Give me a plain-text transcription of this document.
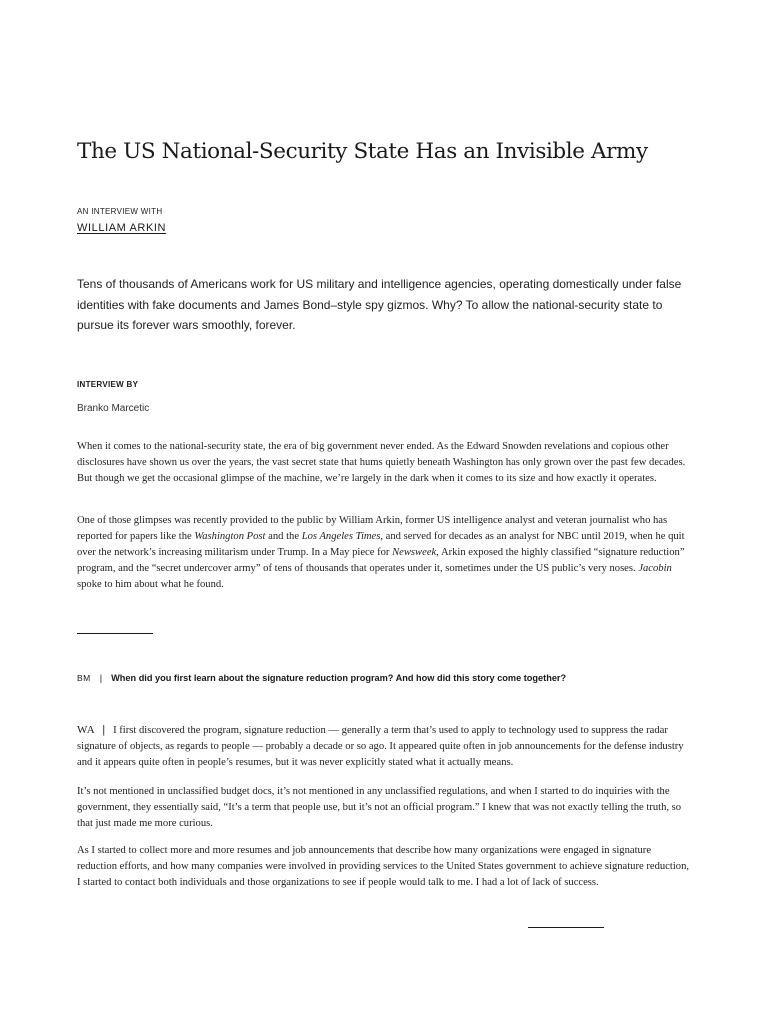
The US National-Security State Has an Invisible Army
AN INTERVIEW WITH
WILLIAM ARKIN

Tens of thousands of Americans work for US military and intelligence agencies, operating domestically under false identities with fake documents and James Bond–style spy gizmos. Why? To allow the national-security state to pursue its forever wars smoothly, forever.

INTERVIEW BY
Branko Marcetic

When it comes to the national-security state, the era of big government never ended. As the Edward Snowden revelations and copious other disclosures have shown us over the years, the vast secret state that hums quietly beneath Washington has only grown over the past few decades. But though we get the occasional glimpse of the machine, we’re largely in the dark when it comes to its size and how exactly it operates.

One of those glimpses was recently provided to the public by William Arkin, former US intelligence analyst and veteran journalist who has reported for papers like the Washington Post and the Los Angeles Times, and served for decades as an analyst for NBC until 2019, when he quit over the network’s increasing militarism under Trump. In a May piece for Newsweek, Arkin exposed the highly classified “signature reduction” program, and the “secret undercover army” of tens of thousands that operates under it, sometimes under the US public’s very noses. Jacobin spoke to him about what he found.

BM | When did you first learn about the signature reduction program? And how did this story come together?

WA | I first discovered the program, signature reduction — generally a term that’s used to apply to technology used to suppress the radar signature of objects, as regards to people — probably a decade or so ago. It appeared quite often in job announcements for the defense industry and it appears quite often in people’s resumes, but it was never explicitly stated what it actually means.

It’s not mentioned in unclassified budget docs, it’s not mentioned in any unclassified regulations, and when I started to do inquiries with the government, they essentially said, “It’s a term that people use, but it’s not an official program.” I knew that was not exactly telling the truth, so that just made me more curious.

As I started to collect more and more resumes and job announcements that describe how many organizations were engaged in signature reduction efforts, and how many companies were involved in providing services to the United States government to achieve signature reduction, I started to contact both individuals and those organizations to see if people would talk to me. I had a lot of lack of success.
